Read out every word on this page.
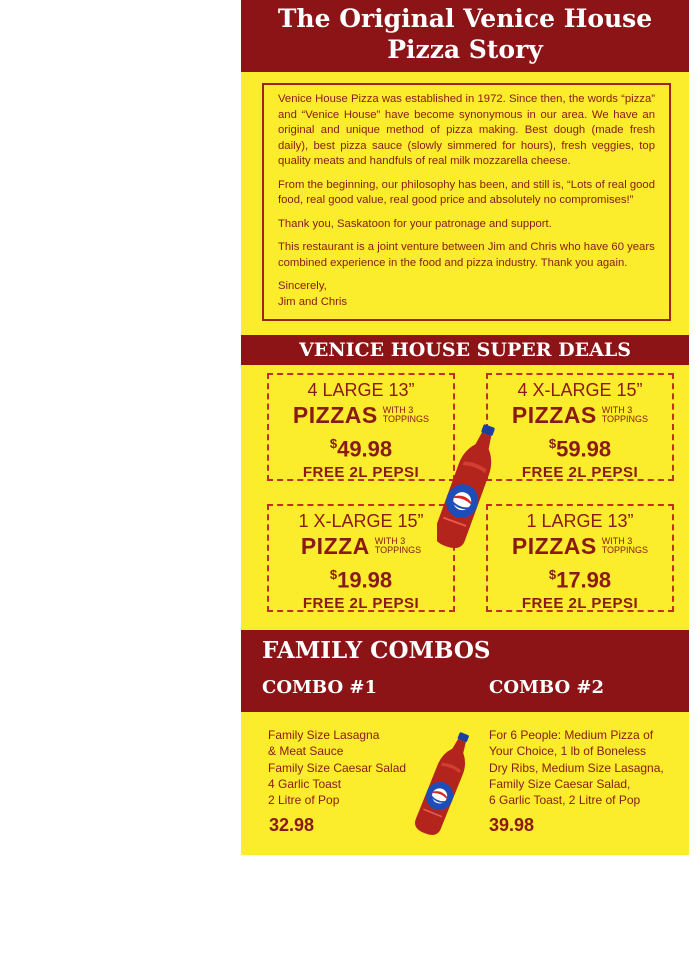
The Original Venice House
Pizza Story

Venice House Pizza was established in 1972. Since then, the words “pizza” and “Venice House” have become synonymous in our area. We have an original and unique method of pizza making. Best dough (made fresh daily), best pizza sauce (slowly simmered for hours), fresh veggies, top quality meats and handfuls of real milk mozzarella cheese.

From the beginning, our philosophy has been, and still is, “Lots of real good food, real good value, real good price and absolutely no compromises!”

Thank you, Saskatoon for your patronage and support.

This restaurant is a joint venture between Jim and Chris who have 60 years combined experience in the food and pizza industry. Thank you again.

Sincerely,
Jim and Chris

VENICE HOUSE SUPER DEALS
4 LARGE 13”
PIZZAS WITH 3
TOPPINGS
$49.98
FREE 2L PEPSI
4 X-LARGE 15”
PIZZAS WITH 3
TOPPINGS
$59.98
FREE 2L PEPSI
1 X-LARGE 15”
PIZZA WITH 3
TOPPINGS
$19.98
FREE 2L PEPSI
1 LARGE 13”
PIZZAS WITH 3
TOPPINGS
$17.98
FREE 2L PEPSI
FAMILY COMBOS
COMBO #1	COMBO #2
Family Size Lasagna
& Meat Sauce
Family Size Caesar Salad
4 Garlic Toast
2 Litre of Pop
32.98
For 6 People: Medium Pizza of
Your Choice, 1 lb of Boneless
Dry Ribs, Medium Size Lasagna,
Family Size Caesar Salad,
6 Garlic Toast, 2 Litre of Pop
39.98
